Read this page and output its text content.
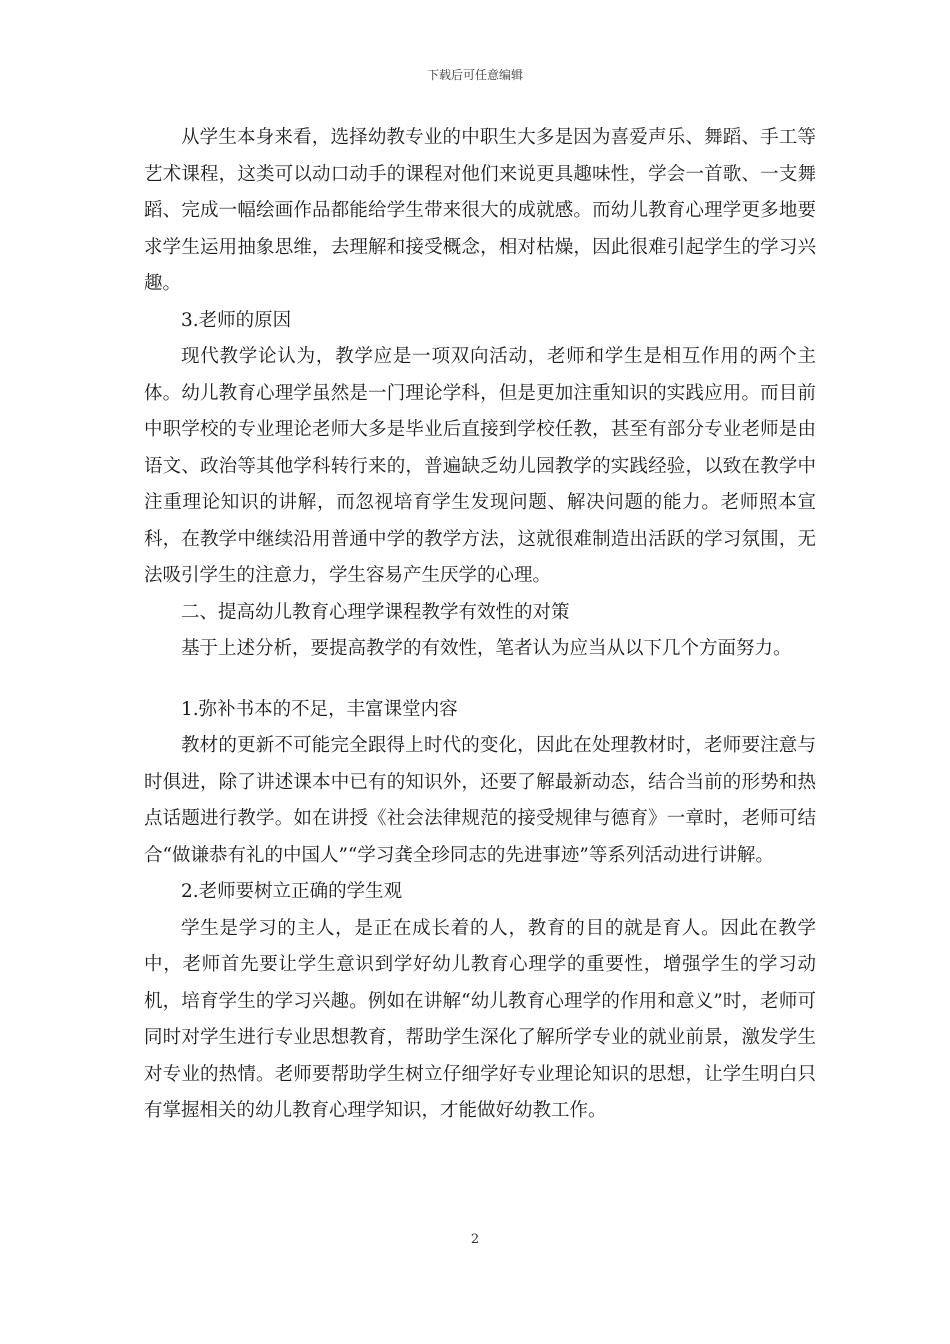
下载后可任意编辑

从学生本身来看，选择幼教专业的中职生大多是因为喜爱声乐、舞蹈、手工等艺术课程，这类可以动口动手的课程对他们来说更具趣味性，学会一首歌、一支舞蹈、完成一幅绘画作品都能给学生带来很大的成就感。而幼儿教育心理学更多地要求学生运用抽象思维，去理解和接受概念，相对枯燥，因此很难引起学生的学习兴趣。

3.老师的原因

现代教学论认为，教学应是一项双向活动，老师和学生是相互作用的两个主体。幼儿教育心理学虽然是一门理论学科，但是更加注重知识的实践应用。而目前中职学校的专业理论老师大多是毕业后直接到学校任教，甚至有部分专业老师是由语文、政治等其他学科转行来的，普遍缺乏幼儿园教学的实践经验，以致在教学中注重理论知识的讲解，而忽视培育学生发现问题、解决问题的能力。老师照本宣科，在教学中继续沿用普通中学的教学方法，这就很难制造出活跃的学习氛围，无法吸引学生的注意力，学生容易产生厌学的心理。

二、提高幼儿教育心理学课程教学有效性的对策

基于上述分析，要提高教学的有效性，笔者认为应当从以下几个方面努力。

1.弥补书本的不足，丰富课堂内容

教材的更新不可能完全跟得上时代的变化，因此在处理教材时，老师要注意与时俱进，除了讲述课本中已有的知识外，还要了解最新动态，结合当前的形势和热点话题进行教学。如在讲授《社会法律规范的接受规律与德育》一章时，老师可结合“做谦恭有礼的中国人”“学习龚全珍同志的先进事迹”等系列活动进行讲解。

2.老师要树立正确的学生观

学生是学习的主人，是正在成长着的人，教育的目的就是育人。因此在教学中，老师首先要让学生意识到学好幼儿教育心理学的重要性，增强学生的学习动机，培育学生的学习兴趣。例如在讲解“幼儿教育心理学的作用和意义”时，老师可同时对学生进行专业思想教育，帮助学生深化了解所学专业的就业前景，激发学生对专业的热情。老师要帮助学生树立仔细学好专业理论知识的思想，让学生明白只有掌握相关的幼儿教育心理学知识，才能做好幼教工作。

2
